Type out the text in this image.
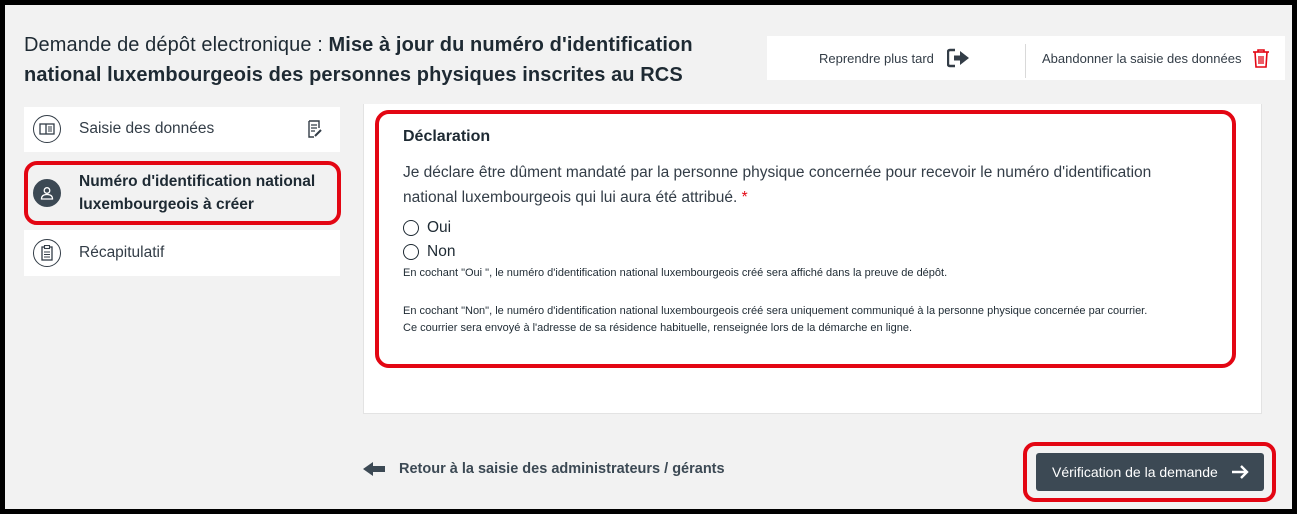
Demande de dépôt electronique : Mise à jour du numéro d'identification national luxembourgeois des personnes physiques inscrites au RCS
Reprendre plus tard	Abandonner la saisie des données
Saisie des données
Numéro d'identification national luxembourgeois à créer
Récapitulatif
Retour à la saisie des administrateurs / gérants	Vérification de la demande
Déclaration
Je déclare être dûment mandaté par la personne physique concernée pour recevoir le numéro d'identification national luxembourgeois qui lui aura été attribué. *
Oui
Non
En cochant "Oui ", le numéro d'identification national luxembourgeois créé sera affiché dans la preuve de dépôt.
En cochant "Non", le numéro d'identification national luxembourgeois créé sera uniquement communiqué à la personne physique concernée par courrier.
Ce courrier sera envoyé à l'adresse de sa résidence habituelle, renseignée lors de la démarche en ligne.
